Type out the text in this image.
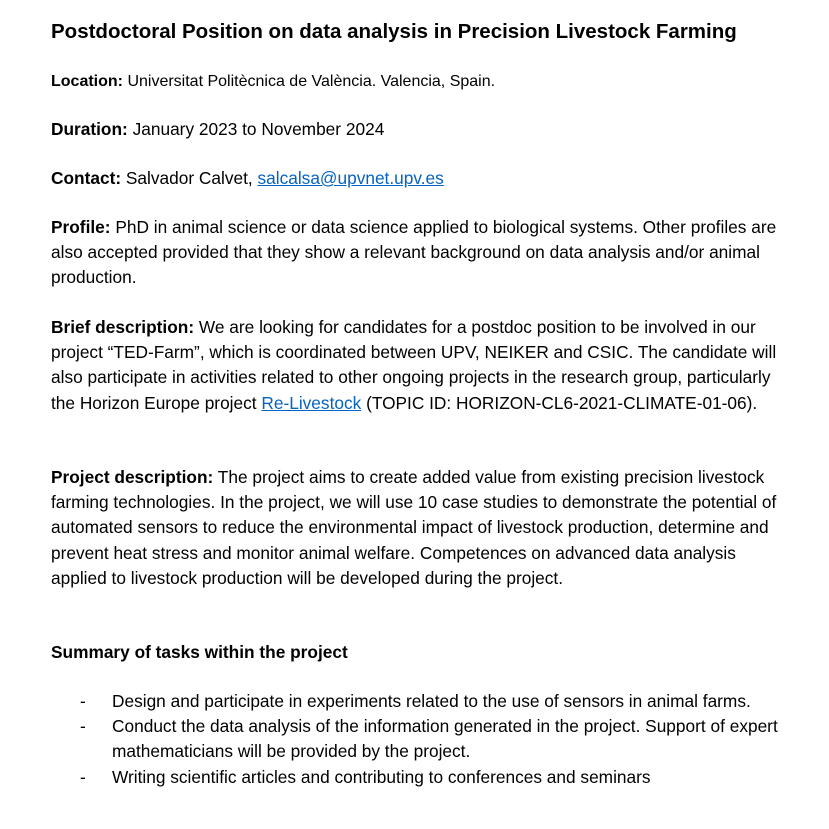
Postdoctoral Position on data analysis in Precision Livestock Farming

Location: Universitat Politècnica de València. Valencia, Spain.

Duration: January 2023 to November 2024

Contact: Salvador Calvet, salcalsa@upvnet.upv.es

Profile: PhD in animal science or data science applied to biological systems. Other profiles are also accepted provided that they show a relevant background on data analysis and/or animal production.

Brief description: We are looking for candidates for a postdoc position to be involved in our project “TED-Farm”, which is coordinated between UPV, NEIKER and CSIC. The candidate will also participate in activities related to other ongoing projects in the research group, particularly the Horizon Europe project Re-Livestock (TOPIC ID: HORIZON-CL6-2021-CLIMATE-01-06).

Project description: The project aims to create added value from existing precision livestock farming technologies. In the project, we will use 10 case studies to demonstrate the potential of automated sensors to reduce the environmental impact of livestock production, determine and prevent heat stress and monitor animal welfare. Competences on advanced data analysis applied to livestock production will be developed during the project.

Summary of tasks within the project

- Design and participate in experiments related to the use of sensors in animal farms.
- Conduct the data analysis of the information generated in the project. Support of expert mathematicians will be provided by the project.
- Writing scientific articles and contributing to conferences and seminars
